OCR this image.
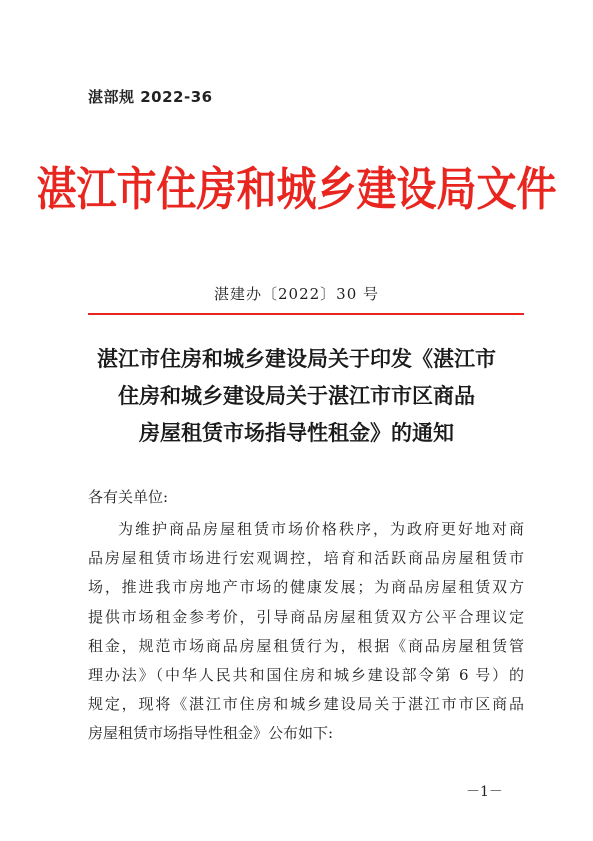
湛部规 2022-36
湛江市住房和城乡建设局文件
湛建办〔2022〕30 号
湛江市住房和城乡建设局关于印发《湛江市
住房和城乡建设局关于湛江市市区商品
房屋租赁市场指导性租金》的通知
各有关单位:
为维护商品房屋租赁市场价格秩序，为政府更好地对商
品房屋租赁市场进行宏观调控，培育和活跃商品房屋租赁市
场，推进我市房地产市场的健康发展；为商品房屋租赁双方
提供市场租金参考价，引导商品房屋租赁双方公平合理议定
租金，规范市场商品房屋租赁行为，根据《商品房屋租赁管
理办法》（中华人民共和国住房和城乡建设部令第 6 号）的
规定，现将《湛江市住房和城乡建设局关于湛江市市区商品
房屋租赁市场指导性租金》公布如下:
－1－
